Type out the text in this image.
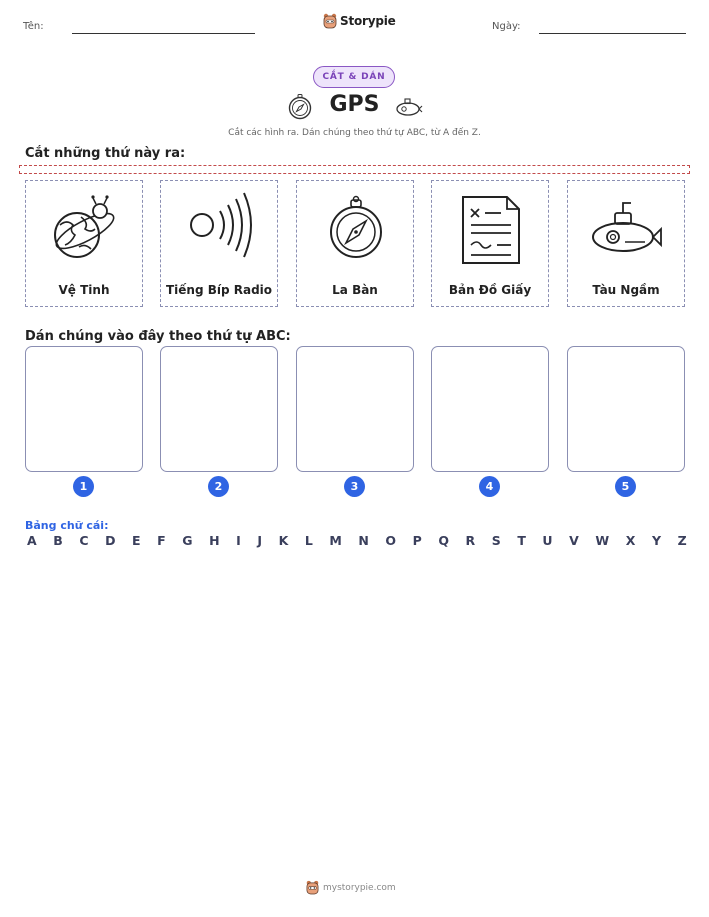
Tên:	Storypie	Ngày:
CẮT & DÁN
GPS
Cắt các hình ra. Dán chúng theo thứ tự ABC, từ A đến Z.
Cắt những thứ này ra:
Vệ Tinh	Tiếng Bíp Radio	La Bàn	Bản Đồ Giấy	Tàu Ngầm
Dán chúng vào đây theo thứ tự ABC:
1	2	3	4	5
Bảng chữ cái:
A B C D E F G H I J K L M N O P Q R S T U V W X Y Z
mystorypie.com
